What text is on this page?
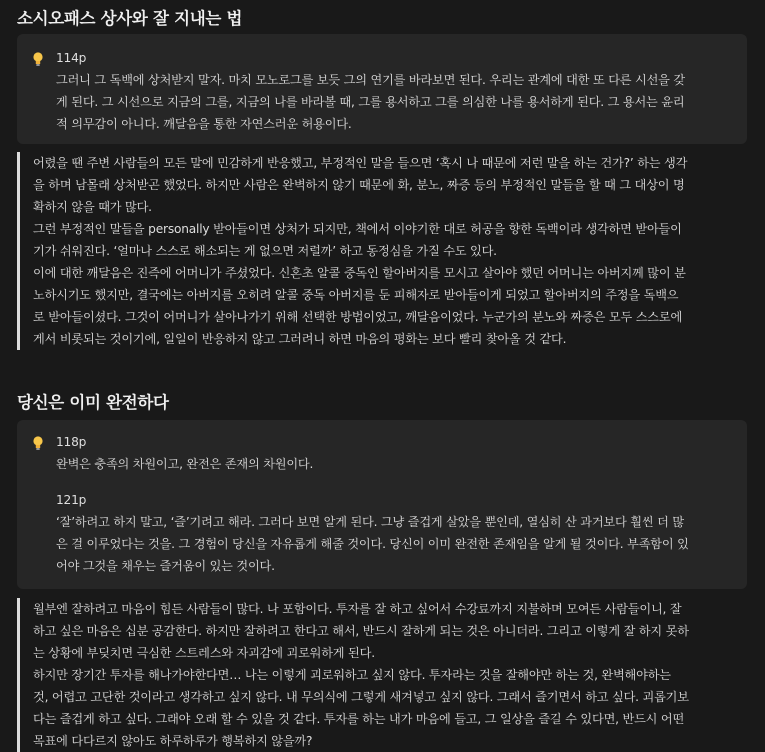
소시오패스 상사와 잘 지내는 법
114p
그러니 그 독백에 상처받지 말자. 마치 모노로그를 보듯 그의 연기를 바라보면 된다. 우리는 관계에 대한 또 다른 시선을 갖
게 된다. 그 시선으로 지금의 그를, 지금의 나를 바라볼 때, 그를 용서하고 그를 의심한 나를 용서하게 된다. 그 용서는 윤리
적 의무감이 아니다. 깨달음을 통한 자연스러운 허용이다.
어렸을 땐 주변 사람들의 모든 말에 민감하게 반응했고, 부정적인 말을 들으면 ‘혹시 나 때문에 저런 말을 하는 건가?’ 하는 생각
을 하며 남몰래 상처받곤 했었다. 하지만 사람은 완벽하지 않기 때문에 화, 분노, 짜증 등의 부정적인 말들을 할 때 그 대상이 명
확하지 않을 때가 많다.
그런 부정적인 말들을 personally 받아들이면 상처가 되지만, 책에서 이야기한 대로 허공을 향한 독백이라 생각하면 받아들이
기가 쉬워진다. ‘얼마나 스스로 해소되는 게 없으면 저럴까’ 하고 동정심을 가질 수도 있다.
이에 대한 깨달음은 진즉에 어머니가 주셨었다. 신혼초 알콜 중독인 할아버지를 모시고 살아야 했던 어머니는 아버지께 많이 분
노하시기도 했지만, 결국에는 아버지를 오히려 알콜 중독 아버지를 둔 피해자로 받아들이게 되었고 할아버지의 주정을 독백으
로 받아들이셨다. 그것이 어머니가 살아나가기 위해 선택한 방법이었고, 깨달음이었다. 누군가의 분노와 짜증은 모두 스스로에
게서 비롯되는 것이기에, 일일이 반응하지 않고 그러려니 하면 마음의 평화는 보다 빨리 찾아올 것 같다.
당신은 이미 완전하다
118p
완벽은 충족의 차원이고, 완전은 존재의 차원이다.
121p
‘잘’하려고 하지 말고, ‘즐’기려고 해라. 그러다 보면 알게 된다. 그냥 즐겁게 살았을 뿐인데, 열심히 산 과거보다 훨씬 더 많
은 걸 이루었다는 것을. 그 경험이 당신을 자유롭게 해줄 것이다. 당신이 이미 완전한 존재임을 알게 될 것이다. 부족함이 있
어야 그것을 채우는 즐거움이 있는 것이다.
월부엔 잘하려고 마음이 힘든 사람들이 많다. 나 포함이다. 투자를 잘 하고 싶어서 수강료까지 지불하며 모여든 사람들이니, 잘
하고 싶은 마음은 십분 공감한다. 하지만 잘하려고 한다고 해서, 반드시 잘하게 되는 것은 아니더라. 그리고 이렇게 잘 하지 못하
는 상황에 부딪치면 극심한 스트레스와 자괴감에 괴로워하게 된다.
하지만 장기간 투자를 해나가야한다면… 나는 이렇게 괴로워하고 싶지 않다. 투자라는 것을 잘해야만 하는 것, 완벽해야하는
것, 어렵고 고단한 것이라고 생각하고 싶지 않다. 내 무의식에 그렇게 새겨넣고 싶지 않다. 그래서 즐기면서 하고 싶다. 괴롭기보
다는 즐겁게 하고 싶다. 그래야 오래 할 수 있을 것 같다. 투자를 하는 내가 마음에 들고, 그 일상을 즐길 수 있다면, 반드시 어떤
목표에 다다르지 않아도 하루하루가 행복하지 않을까?
